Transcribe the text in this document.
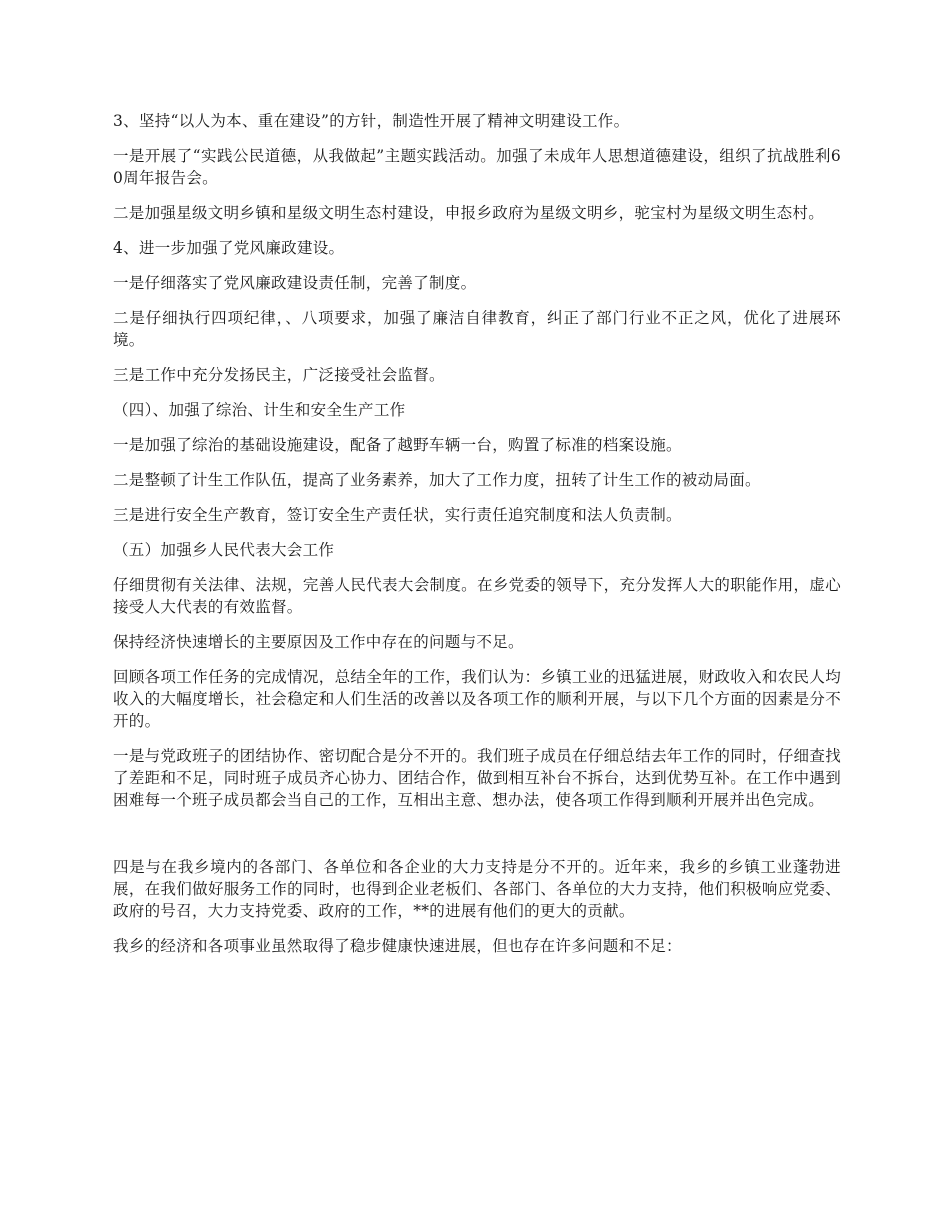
3、坚持“以人为本、重在建设”的方针，制造性开展了精神文明建设工作。

一是开展了“实践公民道德，从我做起”主题实践活动。加强了未成年人思想道德建设，组织了抗战胜利60周年报告会。

二是加强星级文明乡镇和星级文明生态村建设，申报乡政府为星级文明乡，驼宝村为星级文明生态村。

4、进一步加强了党风廉政建设。

一是仔细落实了党风廉政建设责任制，完善了制度。

二是仔细执行四项纪律，、八项要求，加强了廉洁自律教育，纠正了部门行业不正之风，优化了进展环境。

三是工作中充分发扬民主，广泛接受社会监督。

（四）、加强了综治、计生和安全生产工作

一是加强了综治的基础设施建设，配备了越野车辆一台，购置了标准的档案设施。

二是整顿了计生工作队伍，提高了业务素养，加大了工作力度，扭转了计生工作的被动局面。

三是进行安全生产教育，签订安全生产责任状，实行责任追究制度和法人负责制。

（五）加强乡人民代表大会工作

仔细贯彻有关法律、法规，完善人民代表大会制度。在乡党委的领导下，充分发挥人大的职能作用，虚心接受人大代表的有效监督。

保持经济快速增长的主要原因及工作中存在的问题与不足。

回顾各项工作任务的完成情况，总结全年的工作，我们认为：乡镇工业的迅猛进展，财政收入和农民人均收入的大幅度增长，社会稳定和人们生活的改善以及各项工作的顺利开展，与以下几个方面的因素是分不开的。

一是与党政班子的团结协作、密切配合是分不开的。我们班子成员在仔细总结去年工作的同时，仔细查找了差距和不足，同时班子成员齐心协力、团结合作，做到相互补台不拆台，达到优势互补。在工作中遇到困难每一个班子成员都会当自己的工作，互相出主意、想办法，使各项工作得到顺利开展并出色完成。

四是与在我乡境内的各部门、各单位和各企业的大力支持是分不开的。近年来，我乡的乡镇工业蓬勃进展，在我们做好服务工作的同时，也得到企业老板们、各部门、各单位的大力支持，他们积极响应党委、政府的号召，大力支持党委、政府的工作，**的进展有他们的更大的贡献。

我乡的经济和各项事业虽然取得了稳步健康快速进展，但也存在许多问题和不足：
